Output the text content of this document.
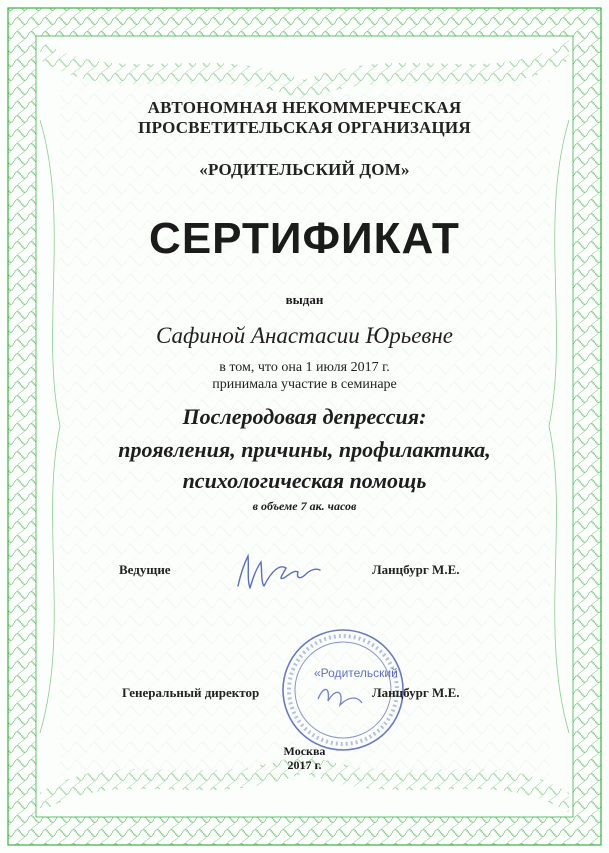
АВТОНОМНАЯ НЕКОММЕРЧЕСКАЯ
ПРОСВЕТИТЕЛЬСКАЯ ОРГАНИЗАЦИЯ
«РОДИТЕЛЬСКИЙ ДОМ»
СЕРТИФИКАТ
выдан
Сафиной Анастасии Юрьевне
в том, что она 1 июля 2017 г.
принимала участие в семинаре
Послеродовая депрессия:
проявления, причины, профилактика,
психологическая помощь
в объеме 7 ак. часов
Ведущие	Ланцбург М.Е.
«Родительский
Генеральный директор	Ланцбург М.Е.
Москва
2017 г.
